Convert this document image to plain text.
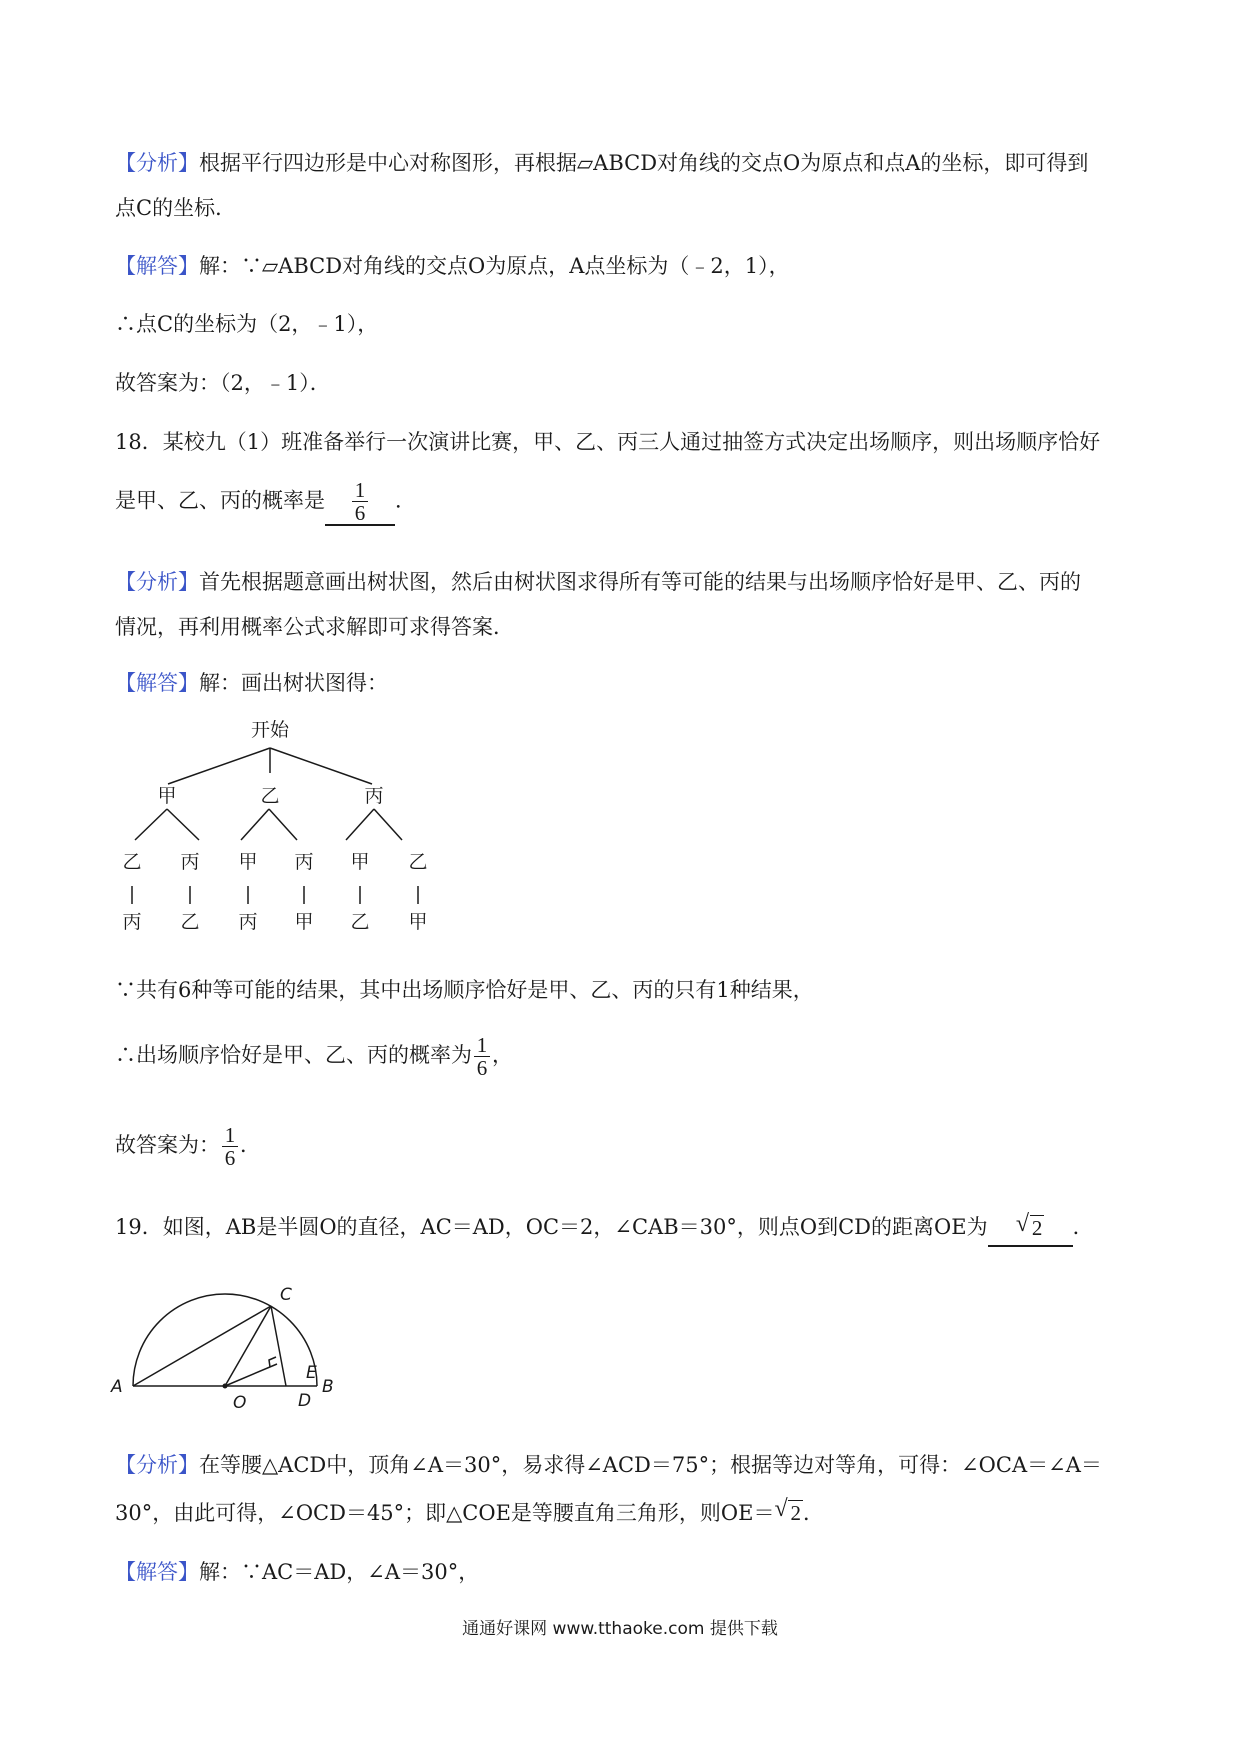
【分析】根据平行四边形是中心对称图形，再根据▱ABCD对角线的交点O为原点和点A的坐标，即可得到
点C的坐标．
【解答】解：∵▱ABCD对角线的交点O为原点，A点坐标为（﹣2，1），
∴点C的坐标为（2，﹣1），
故答案为：（2，﹣1）．
18．某校九（1）班准备举行一次演讲比赛，甲、乙、丙三人通过抽签方式决定出场顺序，则出场顺序恰好
是甲、乙、丙的概率是 $\frac{1}{6}$ ．
【分析】首先根据题意画出树状图，然后由树状图求得所有等可能的结果与出场顺序恰好是甲、乙、丙的
情况，再利用概率公式求解即可求得答案．
【解答】解：画出树状图得：
开始
甲	乙	丙
乙 丙 甲 丙 甲 乙
丙 乙 丙 甲 乙 甲
∵共有6种等可能的结果，其中出场顺序恰好是甲、乙、丙的只有1种结果，
∴出场顺序恰好是甲、乙、丙的概率为 $\frac{1}{6}$ ，
故答案为： $\frac{1}{6}$ ．
19．如图，AB是半圆O的直径，AC＝AD，OC＝2，∠CAB＝30°，则点O到CD的距离OE为 √ 2 ．
A	B
C
D
E
O
【分析】在等腰△ACD中，顶角∠A＝30°，易求得∠ACD＝75°；根据等边对等角，可得：∠OCA＝∠A＝
30°，由此可得，∠OCD＝45°；即△COE是等腰直角三角形，则OE＝ √ 2．
【解答】解：∵AC＝AD，∠A＝30°，
通通好课网 www.tthaoke.com 提供下载
